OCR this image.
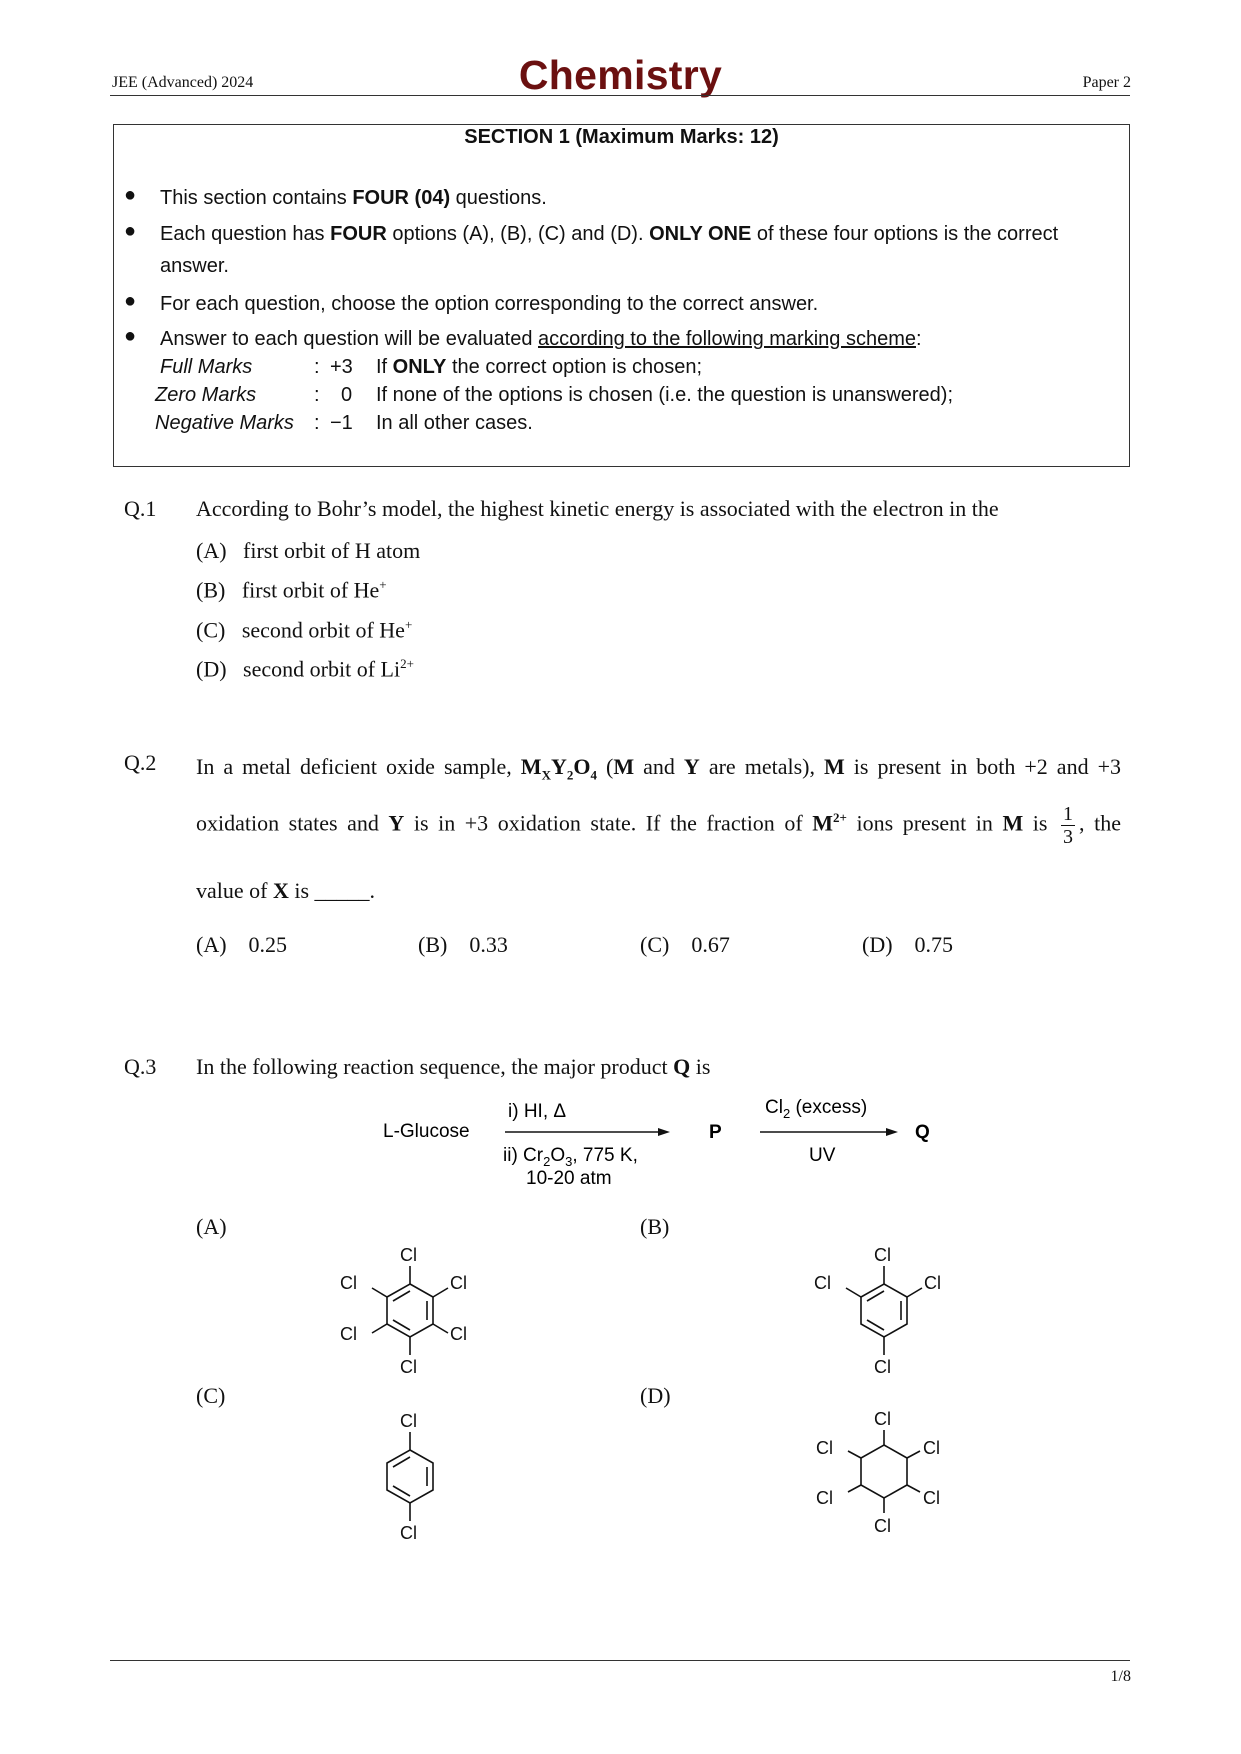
JEE (Advanced) 2024	Chemistry	Paper 2
SECTION 1 (Maximum Marks: 12)
● This section contains FOUR (04) questions.
● Each question has FOUR options (A), (B), (C) and (D). ONLY ONE of these four options is the correct
answer.
● For each question, choose the option corresponding to the correct answer.
● Answer to each question will be evaluated according to the following marking scheme:
Full Marks	: +3 If ONLY the correct option is chosen;
Zero Marks	: 0 If none of the options is chosen (i.e. the question is unanswered);
Negative Marks : −1 In all other cases.
Q.1 According to Bohr’s model, the highest kinetic energy is associated with the electron in the
(A) first orbit of H atom
(B) first orbit of He+
(C) second orbit of He+
(D) second orbit of $Li^{2+}$
Q.2 In a metal deficient oxide sample, $M_XY_2O_4$ (M and Y are metals), M is present in both +2 and +3
oxidation states and Y is in +3 oxidation state. If the fraction of $M^{2+}$ ions present in M is $\frac{1}{3}$ , the
value of X is _____.
(A) 0.25	(B) 0.33	(C) 0.67	(D) 0.75
Q.3 In the following reaction sequence, the major product Q is
L-Glucose
i) HI, Δ
ii) $Cr_2O_3$, 775 K,
10-20 atm
P
$Cl_2$ (excess)
UV
Q
(A)	(B)
(C)	(D)
Cl
Cl
Cl
Cl
Cl
Cl
Cl
Cl
Cl
Cl
Cl
Cl
Cl
Cl
Cl
Cl
Cl
Cl
1/8
